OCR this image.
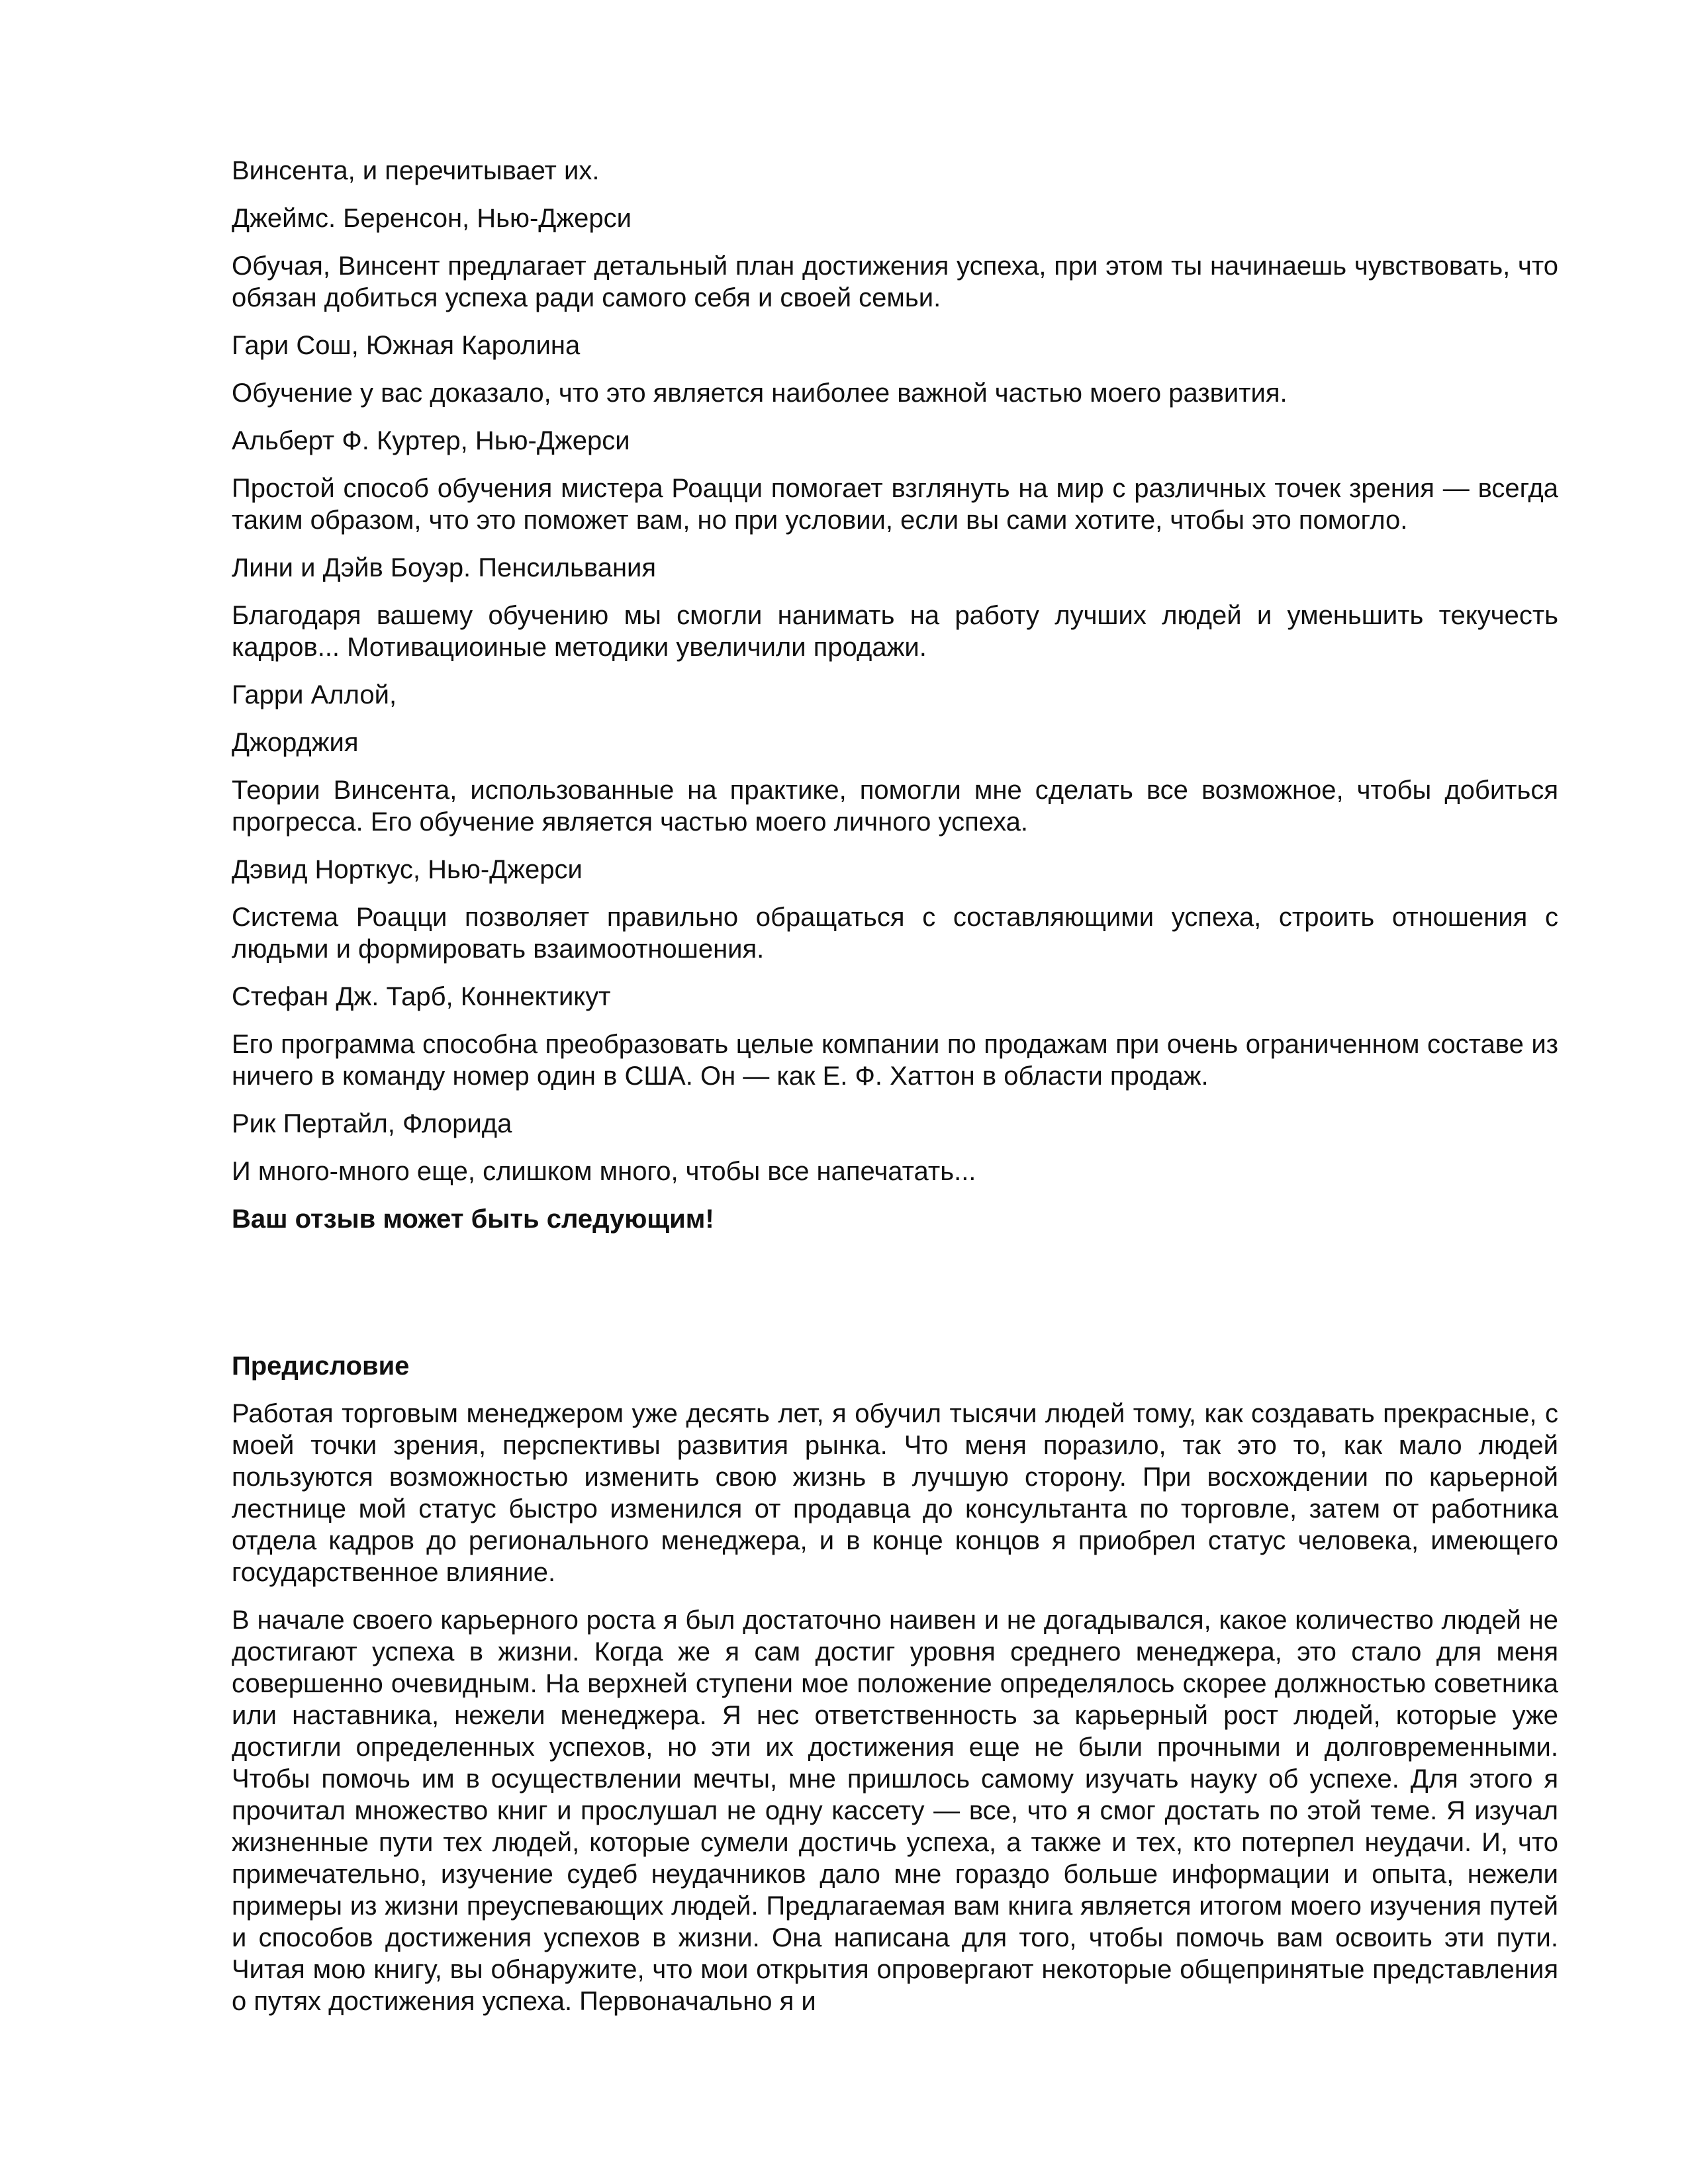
Винсента, и перечитывает их.

Джеймс. Беренсон, Нью-Джерси

Обучая, Винсент предлагает детальный план достижения успеха, при этом ты начинаешь чувствовать, что обязан добиться успеха ради самого себя и своей семьи.

Гари Сош, Южная Каролина

Обучение у вас доказало, что это является наиболее важной частью моего развития.

Альберт Ф. Куртер, Нью-Джерси

Простой способ обучения мистера Роацци помогает взглянуть на мир с различных точек зрения — всегда таким образом, что это поможет вам, но при условии, если вы сами хотите, чтобы это помогло.

Лини и Дэйв Боуэр. Пенсильвания

Благодаря вашему обучению мы смогли нанимать на работу лучших людей и уменьшить текучесть кадров... Мотивациоиные методики увеличили продажи.

Гарри Аллой,

Джорджия

Теории Винсента, использованные на практике, помогли мне сделать все возможное, чтобы добиться прогресса. Его обучение является частью моего личного успеха.

Дэвид Норткус, Нью-Джерси

Система Роацци позволяет правильно обращаться с составляющими успеха, строить отношения с людьми и формировать взаимоотношения.

Стефан Дж. Тарб, Коннектикут

Его программа способна преобразовать целые компании по продажам при очень ограниченном составе из ничего в команду номер один в США. Он — как Е. Ф. Хаттон в области продаж.

Рик Пертайл, Флорида

И много-много еще, слишком много, чтобы все напечатать...

Ваш отзыв может быть следующим!

Предисловие

Работая торговым менеджером уже десять лет, я обучил тысячи людей тому, как создавать прекрасные, с моей точки зрения, перспективы развития рынка. Что меня поразило, так это то, как мало людей пользуются возможностью изменить свою жизнь в лучшую сторону. При восхождении по карьерной лестнице мой статус быстро изменился от продавца до консультанта по торговле, затем от работника отдела кадров до регионального менеджера, и в конце концов я приобрел статус человека, имеющего государственное влияние.

В начале своего карьерного роста я был достаточно наивен и не догадывался, какое количество людей не достигают успеха в жизни. Когда же я сам достиг уровня среднего менеджера, это стало для меня совершенно очевидным. На верхней ступени мое положение определялось скорее должностью советника или наставника, нежели менеджера. Я нес ответственность за карьерный рост людей, которые уже достигли определенных успехов, но эти их достижения еще не были прочными и долговременными. Чтобы помочь им в осуществлении мечты, мне пришлось самому изучать науку об успехе. Для этого я прочитал множество книг и прослушал не одну кассету — все, что я смог достать по этой теме. Я изучал жизненные пути тех людей, которые сумели достичь успеха, а также и тех, кто потерпел неудачи. И, что примечательно, изучение судеб неудачников дало мне гораздо больше информации и опыта, нежели примеры из жизни преуспевающих людей. Предлагаемая вам книга является итогом моего изучения путей и способов достижения успехов в жизни. Она написана для того, чтобы помочь вам освоить эти пути. Читая мою книгу, вы обнаружите, что мои открытия опровергают некоторые общепринятые представления о путях достижения успеха. Первоначально я и
